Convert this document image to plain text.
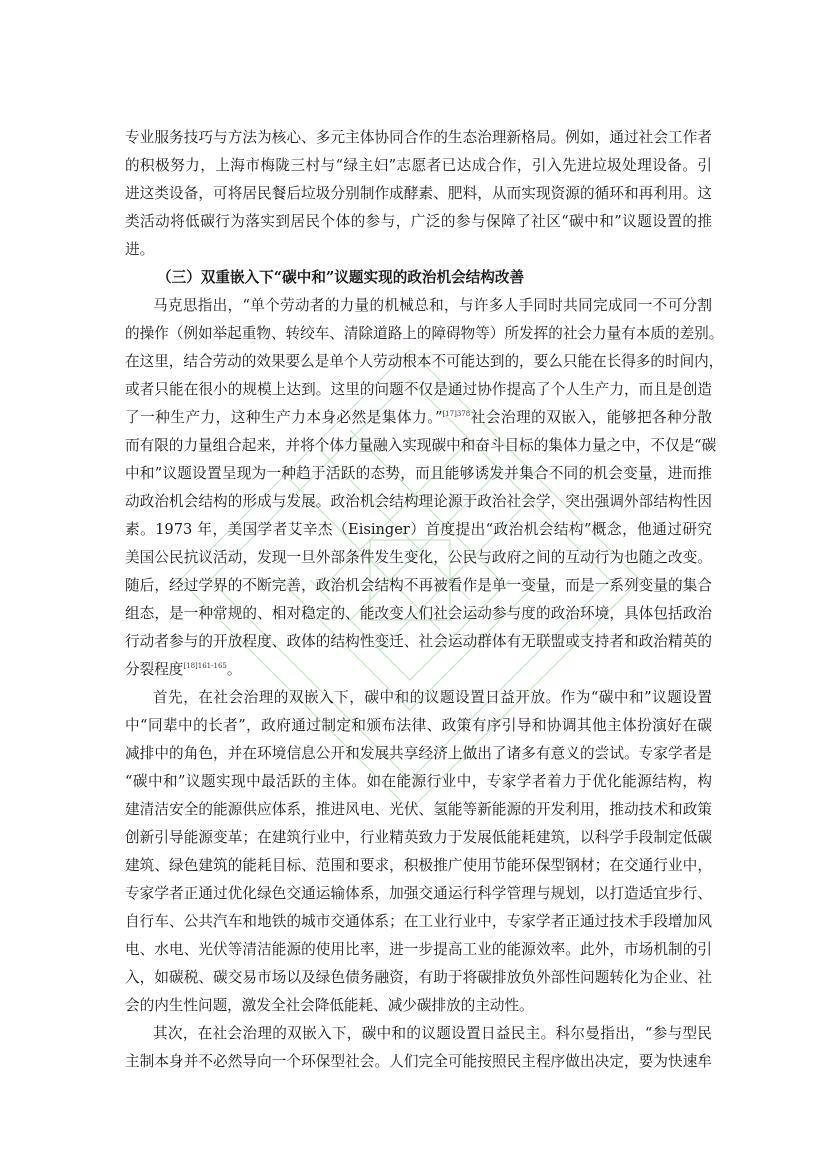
专业服务技巧与方法为核心、多元主体协同合作的生态治理新格局。例如，通过社会工作者
的积极努力，上海市梅陇三村与“绿主妇”志愿者已达成合作，引入先进垃圾处理设备。引
进这类设备，可将居民餐后垃圾分别制作成酵素、肥料，从而实现资源的循环和再利用。这
类活动将低碳行为落实到居民个体的参与，广泛的参与保障了社区“碳中和”议题设置的推
进。
（三）双重嵌入下“碳中和”议题实现的政治机会结构改善
马克思指出，“单个劳动者的力量的机械总和，与许多人手同时共同完成同一不可分割
的操作（例如举起重物、转绞车、清除道路上的障碍物等）所发挥的社会力量有本质的差别。
在这里，结合劳动的效果要么是单个人劳动根本不可能达到的，要么只能在长得多的时间内，
或者只能在很小的规模上达到。这里的问题不仅是通过协作提高了个人生产力，而且是创造
了一种生产力，这种生产力本身必然是集体力。”$^{[17]378}$社会治理的双嵌入，能够把各种分散
而有限的力量组合起来，并将个体力量融入实现碳中和奋斗目标的集体力量之中，不仅是“碳
中和”议题设置呈现为一种趋于活跃的态势，而且能够诱发并集合不同的机会变量，进而推
动政治机会结构的形成与发展。政治机会结构理论源于政治社会学，突出强调外部结构性因
素。1973 年，美国学者艾辛杰（Eisinger）首度提出“政治机会结构”概念，他通过研究
美国公民抗议活动，发现一旦外部条件发生变化，公民与政府之间的互动行为也随之改变。
随后，经过学界的不断完善，政治机会结构不再被看作是单一变量，而是一系列变量的集合
组态，是一种常规的、相对稳定的、能改变人们社会运动参与度的政治环境，具体包括政治
行动者参与的开放程度、政体的结构性变迁、社会运动群体有无联盟或支持者和政治精英的
分裂程度$^{[18]161-165}$。
首先，在社会治理的双嵌入下，碳中和的议题设置日益开放。作为“碳中和”议题设置
中“同辈中的长者”，政府通过制定和颁布法律、政策有序引导和协调其他主体扮演好在碳
减排中的角色，并在环境信息公开和发展共享经济上做出了诸多有意义的尝试。专家学者是
“碳中和”议题实现中最活跃的主体。如在能源行业中，专家学者着力于优化能源结构，构
建清洁安全的能源供应体系，推进风电、光伏、氢能等新能源的开发利用，推动技术和政策
创新引导能源变革；在建筑行业中，行业精英致力于发展低能耗建筑，以科学手段制定低碳
建筑、绿色建筑的能耗目标、范围和要求，积极推广使用节能环保型钢材；在交通行业中，
专家学者正通过优化绿色交通运输体系，加强交通运行科学管理与规划，以打造适宜步行、
自行车、公共汽车和地铁的城市交通体系；在工业行业中，专家学者正通过技术手段增加风
电、水电、光伏等清洁能源的使用比率，进一步提高工业的能源效率。此外，市场机制的引
入，如碳税、碳交易市场以及绿色债务融资，有助于将碳排放负外部性问题转化为企业、社
会的内生性问题，激发全社会降低能耗、减少碳排放的主动性。
其次，在社会治理的双嵌入下，碳中和的议题设置日益民主。科尔曼指出，“参与型民
主制本身并不必然导向一个环保型社会。人们完全可能按照民主程序做出决定，要为快速牟
